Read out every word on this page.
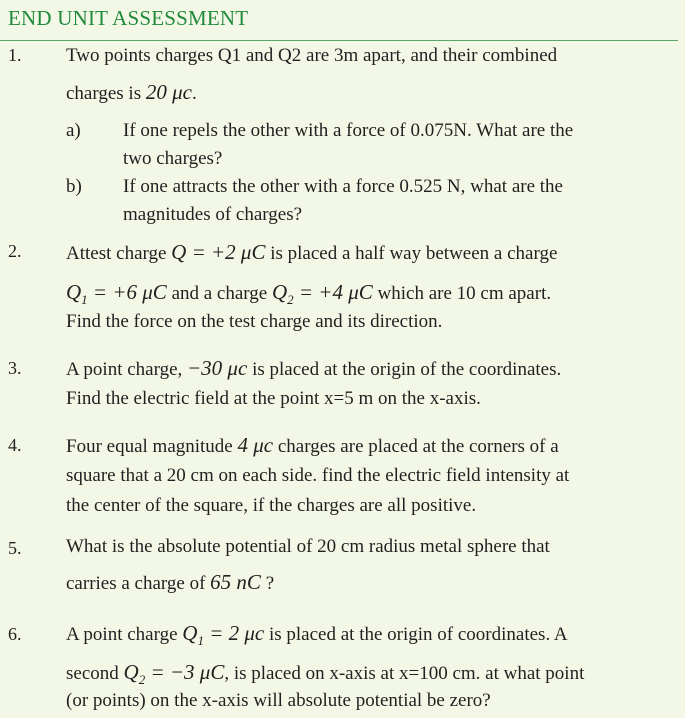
END UNIT ASSESSMENT
1. Two points charges Q1 and Q2 are 3m apart, and their combined
charges is 20 μc.
a) If one repels the other with a force of 0.075N. What are the
two charges?
b) If one attracts the other with a force 0.525 N, what are the
magnitudes of charges?
2. Attest charge Q = +2 μC is placed a half way between a charge
$Q_1 = +6$ μC and a charge $Q_2 = +4$ μC which are 10 cm apart.
Find the force on the test charge and its direction.
3. A point charge, −30 μc is placed at the origin of the coordinates.
Find the electric field at the point x=5 m on the x-axis.
4. Four equal magnitude 4 μc charges are placed at the corners of a
square that a 20 cm on each side. find the electric field intensity at
the center of the square, if the charges are all positive.
5. What is the absolute potential of 20 cm radius metal sphere that
carries a charge of 65 nC ?
6. A point charge $Q_1 = 2$ μc is placed at the origin of coordinates. A
second $Q_2 = -3$ μC, is placed on x-axis at x=100 cm. at what point
(or points) on the x-axis will absolute potential be zero?
